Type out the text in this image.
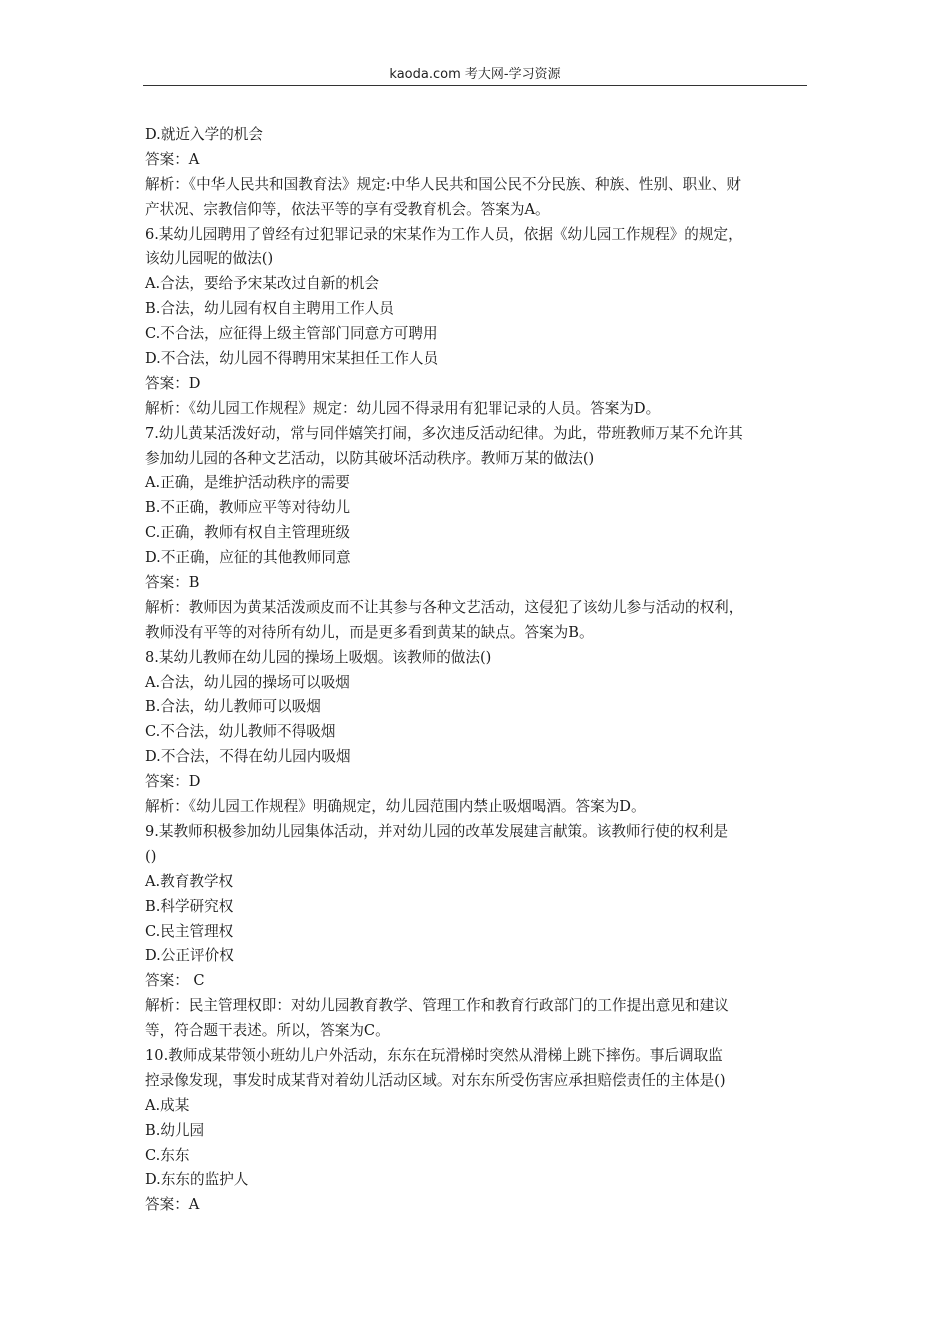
kaoda.com 考大网-学习资源
D.就近入学的机会
答案：A
解析：《中华人民共和国教育法》规定:中华人民共和国公民不分民族、种族、性别、职业、财
产状况、宗教信仰等，依法平等的享有受教育机会。答案为A。
6.某幼儿园聘用了曾经有过犯罪记录的宋某作为工作人员，依据《幼儿园工作规程》的规定，
该幼儿园呢的做法()
A.合法，要给予宋某改过自新的机会
B.合法，幼儿园有权自主聘用工作人员
C.不合法，应征得上级主管部门同意方可聘用
D.不合法，幼儿园不得聘用宋某担任工作人员
答案：D
解析：《幼儿园工作规程》规定：幼儿园不得录用有犯罪记录的人员。答案为D。
7.幼儿黄某活泼好动，常与同伴嬉笑打闹，多次违反活动纪律。为此，带班教师万某不允许其
参加幼儿园的各种文艺活动，以防其破坏活动秩序。教师万某的做法()
A.正确，是维护活动秩序的需要
B.不正确，教师应平等对待幼儿
C.正确，教师有权自主管理班级
D.不正确，应征的其他教师同意
答案：B
解析：教师因为黄某活泼顽皮而不让其参与各种文艺活动，这侵犯了该幼儿参与活动的权利，
教师没有平等的对待所有幼儿，而是更多看到黄某的缺点。答案为B。
8.某幼儿教师在幼儿园的操场上吸烟。该教师的做法()
A.合法，幼儿园的操场可以吸烟
B.合法，幼儿教师可以吸烟
C.不合法，幼儿教师不得吸烟
D.不合法，不得在幼儿园内吸烟
答案：D
解析：《幼儿园工作规程》明确规定，幼儿园范围内禁止吸烟喝酒。答案为D。
9.某教师积极参加幼儿园集体活动，并对幼儿园的改革发展建言献策。该教师行使的权利是
()
A.教育教学权
B.科学研究权
C.民主管理权
D.公正评价权
答案： C
解析：民主管理权即：对幼儿园教育教学、管理工作和教育行政部门的工作提出意见和建议
等，符合题干表述。所以，答案为C。
10.教师成某带领小班幼儿户外活动，东东在玩滑梯时突然从滑梯上跳下摔伤。事后调取监
控录像发现，事发时成某背对着幼儿活动区域。对东东所受伤害应承担赔偿责任的主体是()
A.成某
B.幼儿园
C.东东
D.东东的监护人
答案：A
